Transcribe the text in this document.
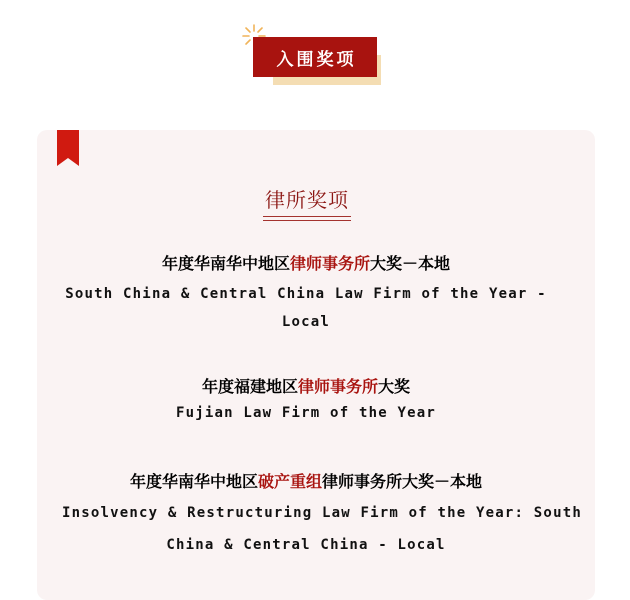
入围奖项
律所奖项
年度华南华中地区律师事务所大奖－本地
South China & Central China Law Firm of the Year -
Local
年度福建地区律师事务所大奖
Fujian Law Firm of the Year
年度华南华中地区破产重组律师事务所大奖－本地
Insolvency & Restructuring Law Firm of the Year: South
China & Central China - Local
